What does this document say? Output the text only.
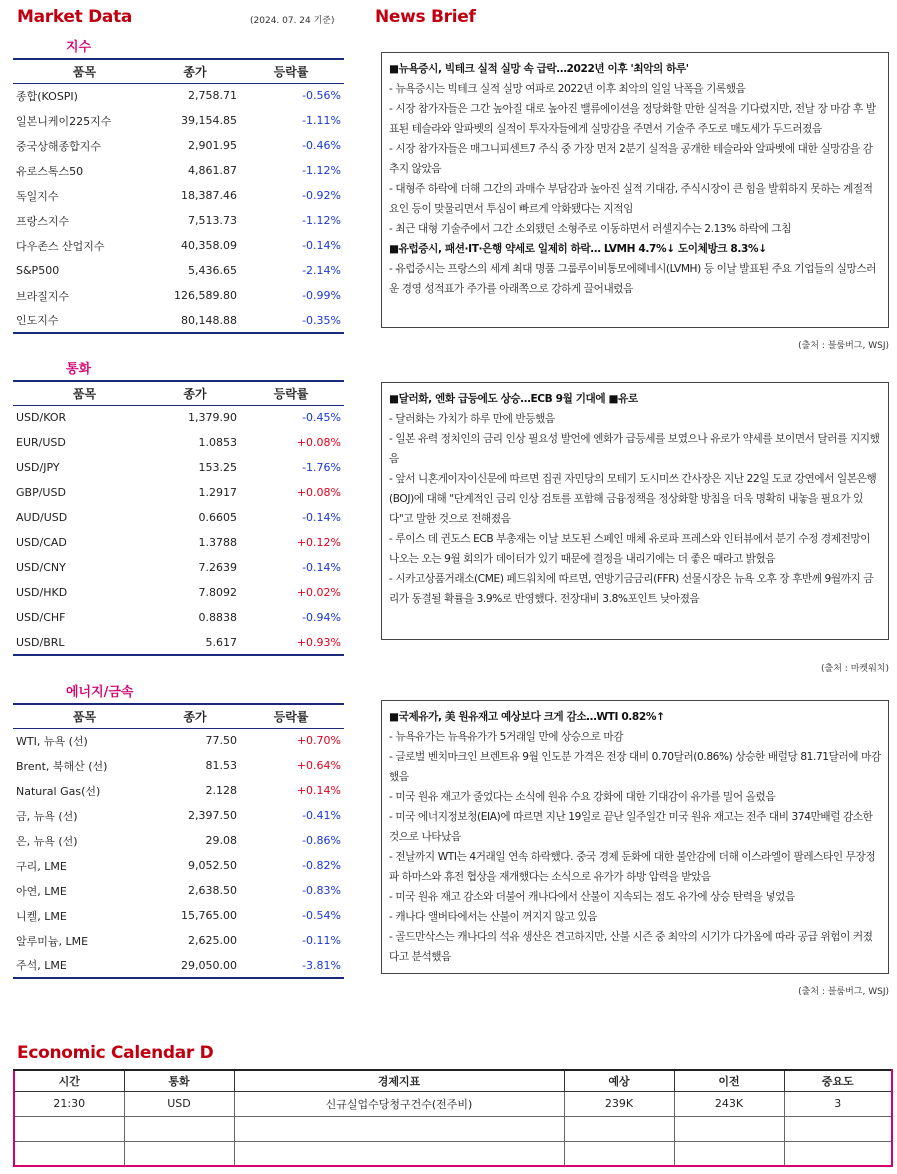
Market Data	(2024. 07. 24 기준) News Brief
지수
품목	종가	등락률
종합(KOSPI)	2,758.71	-0.56%
일본니케이225지수	39,154.85	-1.11%
중국상해종합지수	2,901.95	-0.46%
유로스톡스50	4,861.87	-1.12%
독일지수	18,387.46	-0.92%
프랑스지수	7,513.73	-1.12%
다우존스 산업지수	40,358.09	-0.14%
S&P500	5,436.65	-2.14%
브라질지수	126,589.80	-0.99%
인도지수	80,148.88	-0.35%
통화
품목	종가	등락률
USD/KOR	1,379.90	-0.45%
EUR/USD	1.0853	+0.08%
USD/JPY	153.25	-1.76%
GBP/USD	1.2917	+0.08%
AUD/USD	0.6605	-0.14%
USD/CAD	1.3788	+0.12%
USD/CNY	7.2639	-0.14%
USD/HKD	7.8092	+0.02%
USD/CHF	0.8838	-0.94%
USD/BRL	5.617	+0.93%
에너지/금속
품목	종가	등락률
WTI, 뉴욕 (선)	77.50	+0.70%
Brent, 북해산 (선)	81.53	+0.64%
Natural Gas(선)	2.128	+0.14%
금, 뉴욕 (선)	2,397.50	-0.41%
은, 뉴욕 (선)	29.08	-0.86%
구리, LME	9,052.50	-0.82%
아연, LME	2,638.50	-0.83%
니켈, LME	15,765.00	-0.54%
알루미늄, LME	2,625.00	-0.11%
주석, LME	29,050.00	-3.81%

■뉴욕증시, 빅테크 실적 실망 속 급락…2022년 이후 '최악의 하루'

- 뉴욕증시는 빅테크 실적 실망 여파로 2022년 이후 최악의 일일 낙폭을 기록했음

- 시장 참가자들은 그간 높아질 대로 높아진 밸류에이션을 정당화할 만한 실적을 기다렸지만, 전날 장 마감 후 발표된 테슬라와 알파벳의 실적이 투자자들에게 실망감을 주면서 기술주 주도로 매도세가 두드러졌음

- 시장 참가자들은 매그니피센트7 주식 중 가장 먼저 2분기 실적을 공개한 테슬라와 알파벳에 대한 실망감을 감추지 않았음

- 대형주 하락에 더해 그간의 과매수 부담감과 높아진 실적 기대감, 주식시장이 큰 힘을 발휘하지 못하는 계절적 요인 등이 맞물리면서 투심이 빠르게 악화됐다는 지적임

- 최근 대형 기술주에서 그간 소외됐던 소형주로 이동하면서 러셀지수는 2.13% 하락에 그침

■유럽증시, 패션·IT·은행 약세로 일제히 하락… LVMH 4.7%↓ 도이체방크 8.3%↓

- 유럽증시는 프랑스의 세계 최대 명품 그룹루이비통모에헤네시(LVMH) 등 이날 발표된 주요 기업들의 실망스러운 경영 성적표가 주가를 아래쪽으로 강하게 끌어내렸음

(출처 : 블룸버그, WSJ)

■달러화, 엔화 급등에도 상승…ECB 9월 기대에 ■유로

- 달러화는 가치가 하루 만에 반등했음

- 일본 유력 정치인의 금리 인상 필요성 발언에 엔화가 급등세를 보였으나 유로가 약세를 보이면서 달러를 지지했음

- 앞서 니혼게이자이신문에 따르면 집권 자민당의 모테기 도시미쓰 간사장은 지난 22일 도쿄 강연에서 일본은행(BOJ)에 대해 "단계적인 금리 인상 검토를 포함해 금융정책을 정상화할 방침을 더욱 명확히 내놓을 필요가 있다"고 말한 것으로 전해졌음

- 루이스 데 귄도스 ECB 부총재는 이날 보도된 스페인 매체 유로파 프레스와 인터뷰에서 분기 수정 경제전망이 나오는 오는 9월 회의가 데이터가 있기 때문에 결정을 내리기에는 더 좋은 때라고 밝혔음

- 시카고상품거래소(CME) 페드워치에 따르면, 연방기금금리(FFR) 선물시장은 뉴욕 오후 장 후반께 9월까지 금리가 동결될 확률을 3.9%로 반영했다. 전장대비 3.8%포인트 낮아졌음

(출처 : 마켓워치)

■국제유가, 美 원유재고 예상보다 크게 감소…WTI 0.82%↑

- 뉴욕유가는 뉴욕유가가 5거래일 만에 상승으로 마감

- 글로벌 벤치마크인 브렌트유 9월 인도분 가격은 전장 대비 0.70달러(0.86%) 상승한 배럴당 81.71달러에 마감했음

- 미국 원유 재고가 줄었다는 소식에 원유 수요 강화에 대한 기대감이 유가를 밀어 올렸음

- 미국 에너지정보청(EIA)에 따르면 지난 19일로 끝난 일주일간 미국 원유 재고는 전주 대비 374만배럴 감소한 것으로 나타났음

- 전날까지 WTI는 4거래일 연속 하락했다. 중국 경제 둔화에 대한 불안감에 더해 이스라엘이 팔레스타인 무장정파 하마스와 휴전 협상을 재개했다는 소식으로 유가가 하방 압력을 받았음

- 미국 원유 재고 감소와 더불어 캐나다에서 산불이 지속되는 점도 유가에 상승 탄력을 넣었음

- 캐나다 앨버타에서는 산불이 꺼지지 않고 있음

- 골드만삭스는 캐나다의 석유 생산은 견고하지만, 산불 시즌 중 최악의 시기가 다가옴에 따라 공급 위험이 커졌다고 분석했음

(출처 : 블룸버그, WSJ)
Economic Calendar D
시간	통화	경제지표	예상	이전	중요도
21:30	USD	신규실업수당청구건수(전주비)	239K	243K	3
